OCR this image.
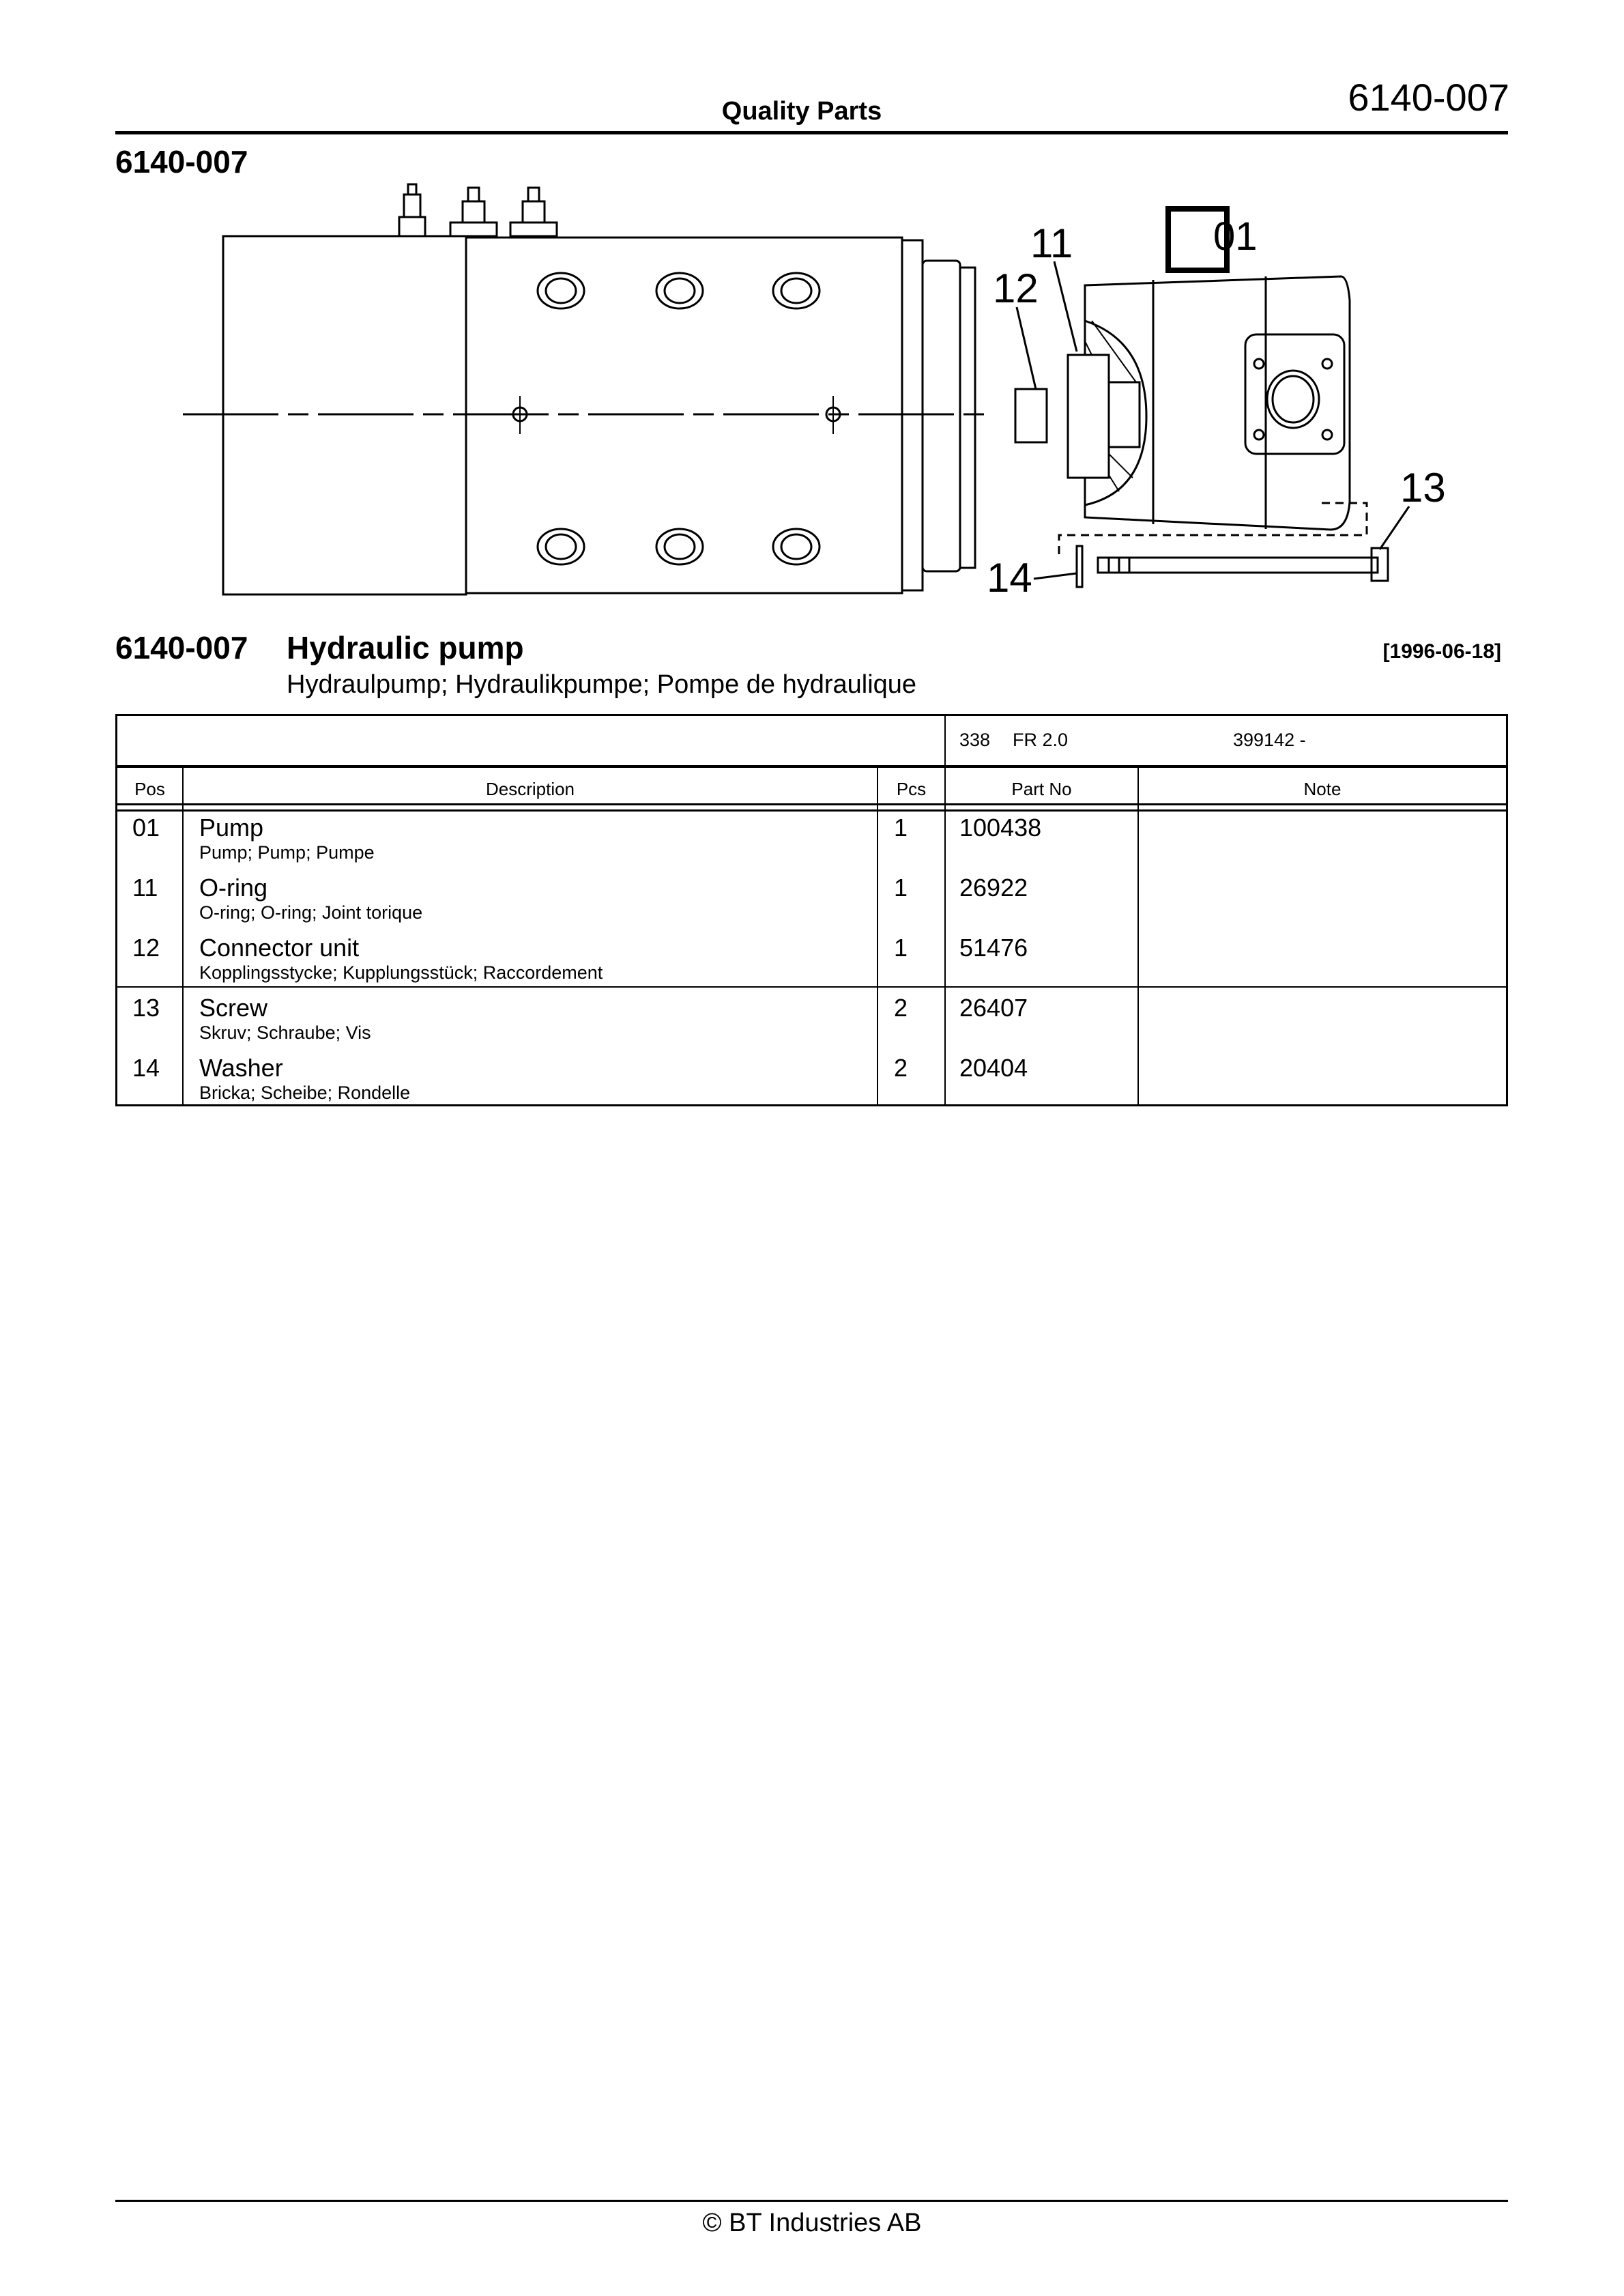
Quality Parts	6140-007
6140-007
01
11
12
13
14
6140-007 Hydraulic pump	[1996-06-18]
Hydraulpump; Hydraulikpumpe; Pompe de hydraulique
338 FR 2.0	399142 -
Pos	Description	Pcs	Part No	Note
01 Pump
Pump; Pump; Pumpe
1 100438
11 O-ring
O-ring; O-ring; Joint torique
1 26922
12 Connector unit
Kopplingsstycke; Kupplungsstück; Raccordement
1 51476
13 Screw
Skruv; Schraube; Vis
2 26407
14 Washer
Bricka; Scheibe; Rondelle
2 20404
© BT Industries AB
